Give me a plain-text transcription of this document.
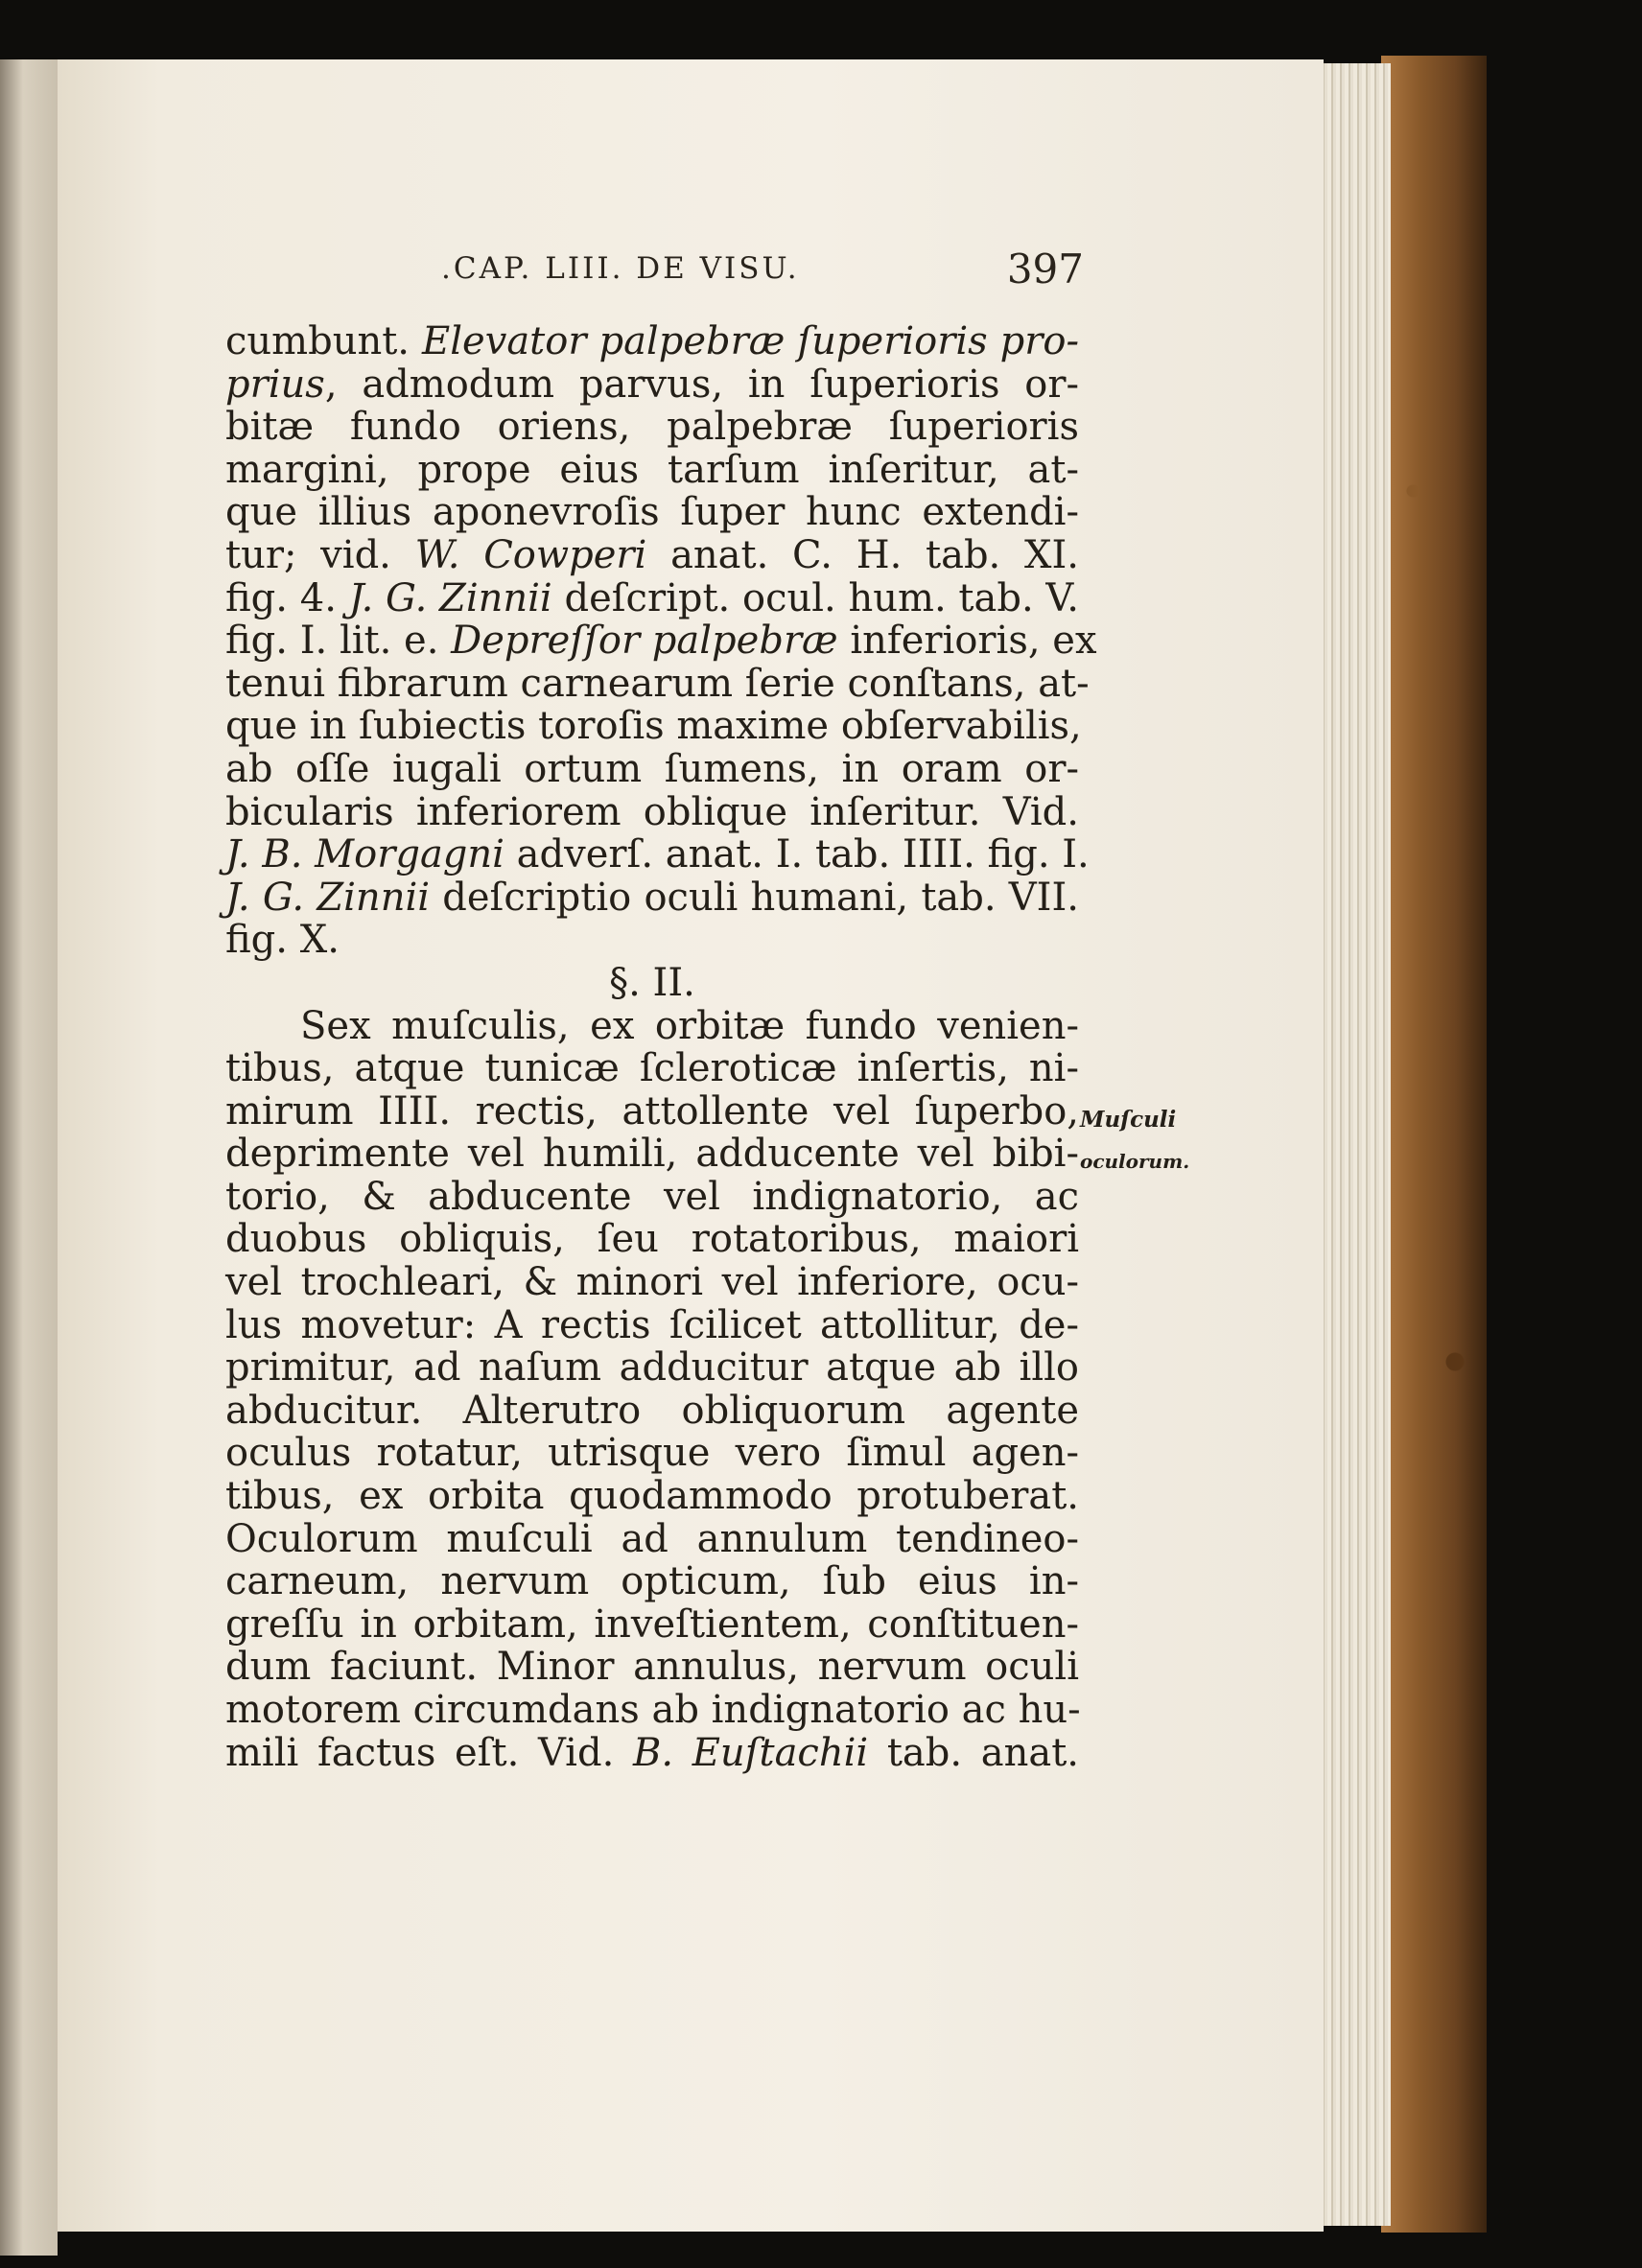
.CAP. LIII. DE VISU.	397
cumbunt. Elevator palpebræ ſuperioris pro-
prius, admodum parvus, in ſuperioris or-
bitæ fundo oriens, palpebræ ſuperioris
margini, prope eius tarſum inſeritur, at-
que illius aponevroſis ſuper hunc extendi-
tur; vid. W. Cowperi anat. C. H. tab. XI.
fig. 4. J. G. Zinnii deſcript. ocul. hum. tab. V.
fig. I. lit. e. Depreſſor palpebræ inferioris, ex
tenui fibrarum carnearum ſerie conſtans, at-
que in ſubiectis toroſis maxime obſervabilis,
ab oſſe iugali ortum ſumens, in oram or-
bicularis inferiorem oblique inſeritur. Vid.
J. B. Morgagni adverſ. anat. I. tab. IIII. fig. I.
J. G. Zinnii deſcriptio oculi humani, tab. VII.
fig. X.
§. II.
Sex muſculis, ex orbitæ fundo venien-
tibus, atque tunicæ ſcleroticæ inſertis, ni-
mirum IIII. rectis, attollente vel ſuperbo,
deprimente vel humili, adducente vel bibi-
torio, & abducente vel indignatorio, ac
duobus obliquis, ſeu rotatoribus, maiori
vel trochleari, & minori vel inferiore, ocu-
lus movetur: A rectis ſcilicet attollitur, de-
primitur, ad naſum adducitur atque ab illo
abducitur. Alterutro obliquorum agente
oculus rotatur, utrisque vero ſimul agen-
tibus, ex orbita quodammodo protuberat.
Oculorum muſculi ad annulum tendineo-
carneum, nervum opticum, ſub eius in-
greſſu in orbitam, inveſtientem, conſtituen-
dum faciunt. Minor annulus, nervum oculi
motorem circumdans ab indignatorio ac hu-
mili factus eſt. Vid. B. Euſtachii tab. anat.
Muſculi
oculorum.
